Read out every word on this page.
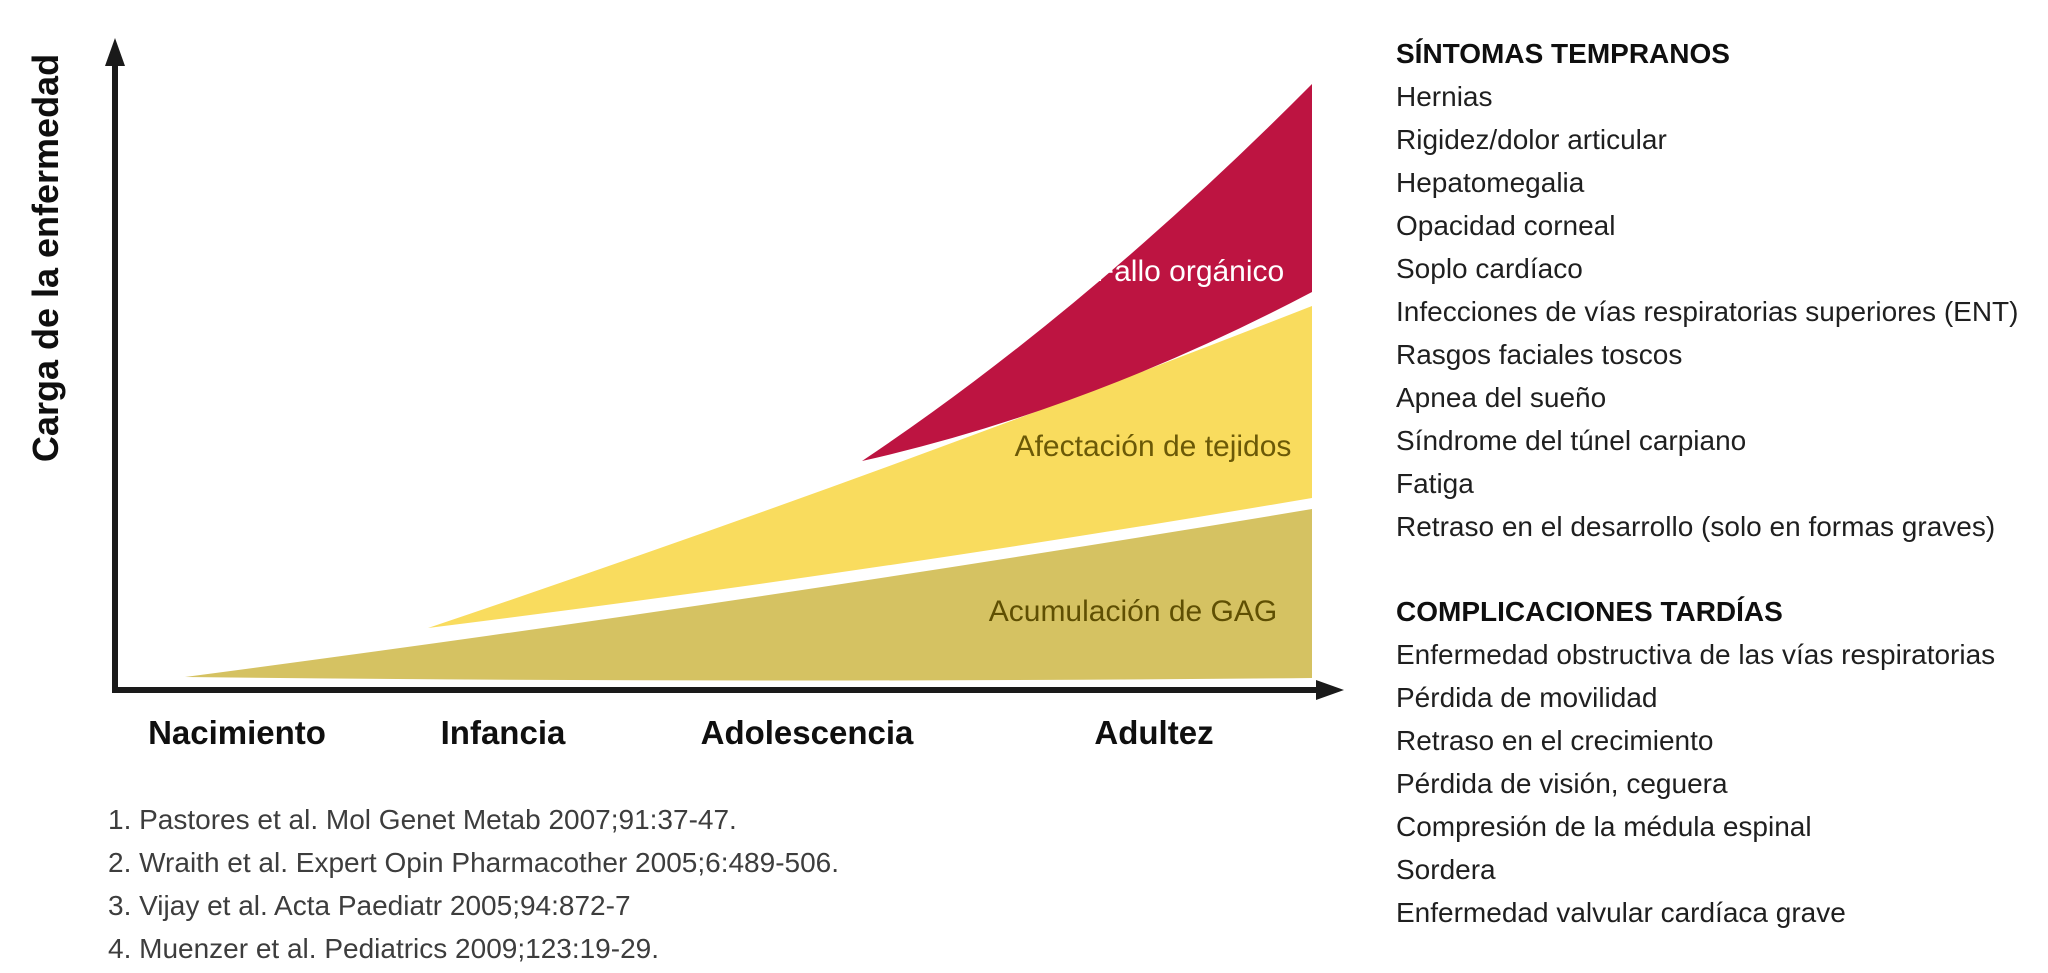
Acumulación de GAG
Afectación de tejidos
Fallo orgánico
Carga de la enfermedad
Nacimiento	Infancia	Adolescencia	Adultez
SÍNTOMAS TEMPRANOS
Hernias
Rigidez/dolor articular
Hepatomegalia
Opacidad corneal
Soplo cardíaco
Infecciones de vías respiratorias superiores (ENT)
Rasgos faciales toscos
Apnea del sueño
Síndrome del túnel carpiano
Fatiga
Retraso en el desarrollo (solo en formas graves)
COMPLICACIONES TARDÍAS
Enfermedad obstructiva de las vías respiratorias
Pérdida de movilidad
Retraso en el crecimiento
Pérdida de visión, ceguera
Compresión de la médula espinal
Sordera
Enfermedad valvular cardíaca grave
1. Pastores et al. Mol Genet Metab 2007;91:37-47.
2. Wraith et al. Expert Opin Pharmacother 2005;6:489-506.
3. Vijay et al. Acta Paediatr 2005;94:872-7
4. Muenzer et al. Pediatrics 2009;123:19-29.
